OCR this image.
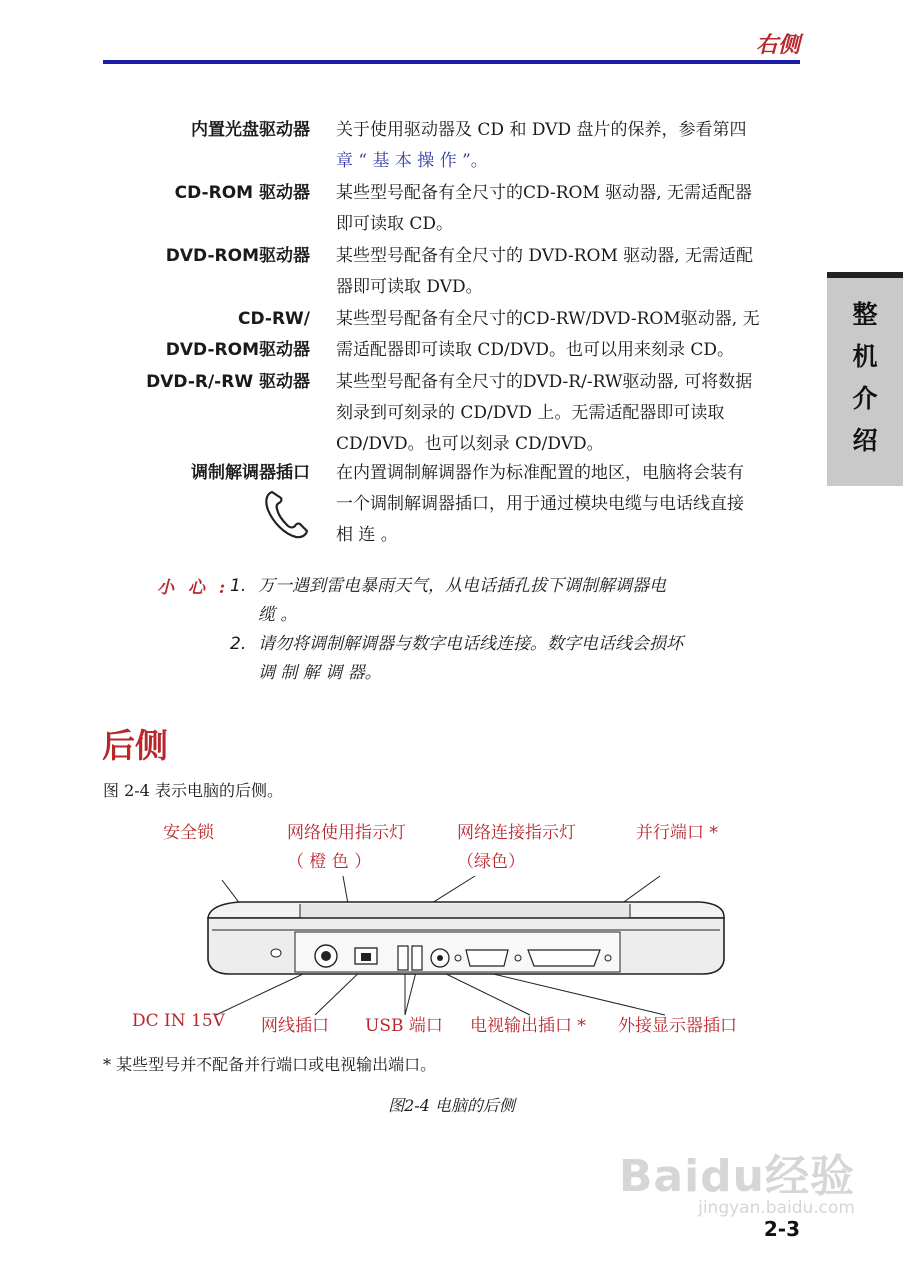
右侧
整
机
介
绍
内置光盘驱动器 关于使用驱动器及 CD 和 DVD 盘片的保养，参看第四
章 “ 基 本 操 作 ”。
CD-ROM 驱动器 某些型号配备有全尺寸的CD-ROM 驱动器, 无需适配器
即可读取 CD。
DVD-ROM驱动器 某些型号配备有全尺寸的 DVD-ROM 驱动器, 无需适配
器即可读取 DVD。
CD-RW/
DVD-ROM驱动器
某些型号配备有全尺寸的CD-RW/DVD-ROM驱动器, 无
需适配器即可读取 CD/DVD。也可以用来刻录 CD。
DVD-R/-RW 驱动器 某些型号配备有全尺寸的DVD-R/-RW驱动器, 可将数据
刻录到可刻录的 CD/DVD 上。无需适配器即可读取
CD/DVD。也可以刻录 CD/DVD。
调制解调器插口 在内置调制解调器作为标准配置的地区，电脑将会装有
一个调制解调器插口，用于通过模块电缆与电话线直接
相 连 。
小 心 : 1. 万一遇到雷电暴雨天气，从电话插孔拔下调制解调器电
缆 。
2. 请勿将调制解调器与数字电话线连接。数字电话线会损坏
调 制 解 调 器。
后侧
图 2-4 表示电脑的后侧。
安全锁	网络使用指示灯
（ 橙 色 ）
网络连接指示灯
（绿色）
并行端口 *
DC IN 15V 网线插口 USB 端口 电视输出插口 * 外接显示器插口
* 某些型号并不配备并行端口或电视输出端口。
图2-4 电脑的后侧
Baidu经验
jingyan.baidu.com
2-3
